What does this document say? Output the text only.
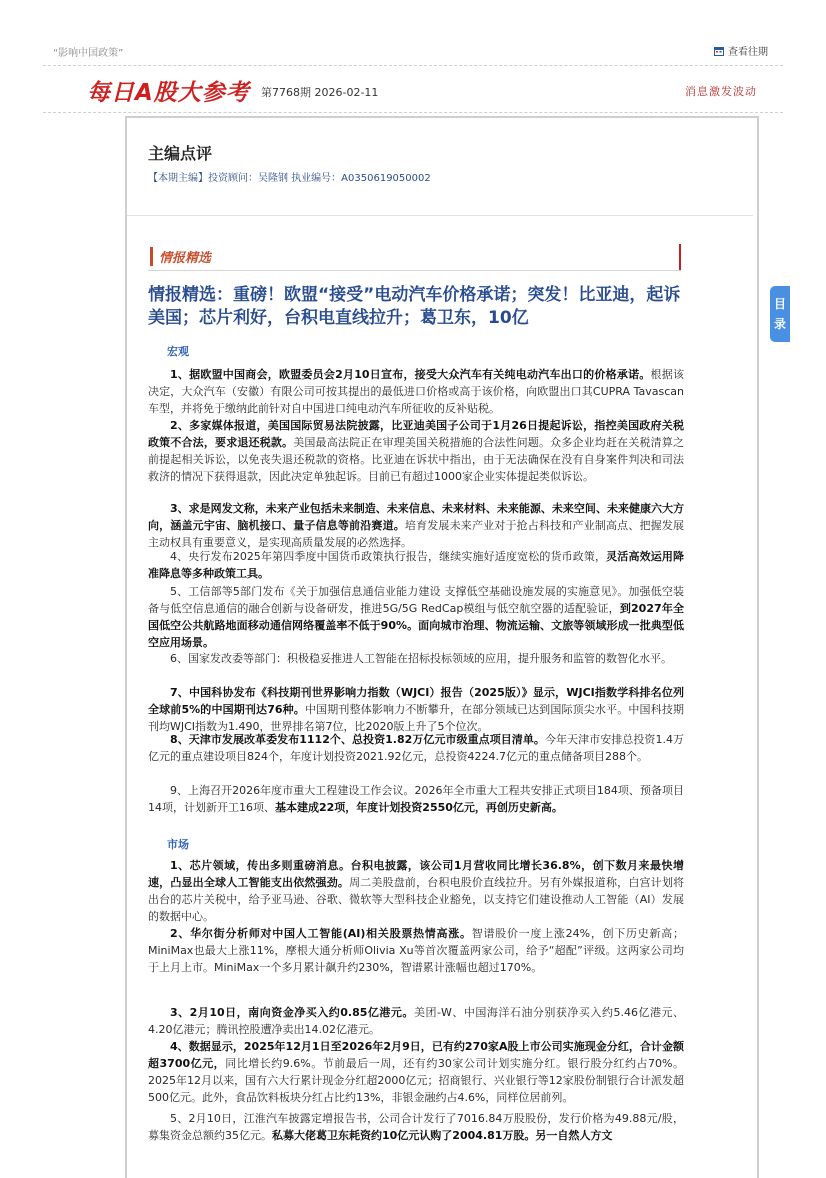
“影响中国政策”	查看往期
每日A股大参考 第7768期 2026-02-11	消息激发波动
主编点评
【本期主编】投资顾问：吴隆钢 执业编号：A0350619050002
情报精选
情报精选：重磅！欧盟“接受”电动汽车价格承诺；突发！比亚迪，起诉美国；芯片利好，台积电直线拉升；葛卫东，10亿
目
录
宏观
1、据欧盟中国商会，欧盟委员会2月10日宣布，接受大众汽车有关纯电动汽车出口的价格承诺。根据该决定，大众汽车（安徽）有限公司可按其提出的最低进口价格或高于该价格，向欧盟出口其CUPRA Tavascan车型，并将免于缴纳此前针对自中国进口纯电动汽车所征收的反补贴税。
2、多家媒体报道，美国国际贸易法院披露，比亚迪美国子公司于1月26日提起诉讼，指控美国政府关税政策不合法，要求退还税款。美国最高法院正在审理美国关税措施的合法性问题。众多企业均赶在关税清算之前提起相关诉讼，以免丧失退还税款的资格。比亚迪在诉状中指出，由于无法确保在没有自身案件判决和司法救济的情况下获得退款，因此决定单独起诉。目前已有超过1000家企业实体提起类似诉讼。
3、求是网发文称，未来产业包括未来制造、未来信息、未来材料、未来能源、未来空间、未来健康六大方向，涵盖元宇宙、脑机接口、量子信息等前沿赛道。培育发展未来产业对于抢占科技和产业制高点、把握发展主动权具有重要意义，是实现高质量发展的必然选择。
4、央行发布2025年第四季度中国货币政策执行报告，继续实施好适度宽松的货币政策，灵活高效运用降准降息等多种政策工具。
5、工信部等5部门发布《关于加强信息通信业能力建设 支撑低空基础设施发展的实施意见》。加强低空装备与低空信息通信的融合创新与设备研发，推进5G/5G RedCap模组与低空航空器的适配验证，到2027年全国低空公共航路地面移动通信网络覆盖率不低于90%。面向城市治理、物流运输、文旅等领域形成一批典型低空应用场景。
6、国家发改委等部门：积极稳妥推进人工智能在招标投标领域的应用，提升服务和监管的数智化水平。
7、中国科协发布《科技期刊世界影响力指数（WJCI）报告（2025版）》显示，WJCI指数学科排名位列全球前5%的中国期刊达76种。中国期刊整体影响力不断攀升，在部分领域已达到国际顶尖水平。中国科技期刊均WJCI指数为1.490，世界排名第7位，比2020版上升了5个位次。
8、天津市发展改革委发布1112个、总投资1.82万亿元市级重点项目清单。今年天津市安排总投资1.4万亿元的重点建设项目824个，年度计划投资2021.92亿元，总投资4224.7亿元的重点储备项目288个。
9、上海召开2026年度市重大工程建设工作会议。2026年全市重大工程共安排正式项目184项、预备项目14项，计划新开工16项、基本建成22项，年度计划投资2550亿元，再创历史新高。
市场
1、芯片领域，传出多则重磅消息。台积电披露，该公司1月营收同比增长36.8%，创下数月来最快增速，凸显出全球人工智能支出依然强劲。周二美股盘前，台积电股价直线拉升。另有外媒报道称，白宫计划将出台的芯片关税中，给予亚马逊、谷歌、微软等大型科技企业豁免，以支持它们建设推动人工智能（AI）发展的数据中心。
2、华尔街分析师对中国人工智能(AI)相关股票热情高涨。智谱股价一度上涨24%，创下历史新高；MiniMax也最大上涨11%，摩根大通分析师Olivia Xu等首次覆盖两家公司，给予“超配”评级。这两家公司均于上月上市。MiniMax一个多月累计飙升约230%，智谱累计涨幅也超过170%。
3、2月10日，南向资金净买入约0.85亿港元。美团-W、中国海洋石油分别获净买入约5.46亿港元、4.20亿港元；腾讯控股遭净卖出14.02亿港元。
4、数据显示，2025年12月1日至2026年2月9日，已有约270家A股上市公司实施现金分红，合计金额超3700亿元，同比增长约9.6%。节前最后一周，还有约30家公司计划实施分红。银行股分红约占70%。2025年12月以来，国有六大行累计现金分红超2000亿元；招商银行、兴业银行等12家股份制银行合计派发超500亿元。此外，食品饮料板块分红占比约13%，非银金融约占4.6%，同样位居前列。
5、2月10日，江淮汽车披露定增报告书，公司合计发行了7016.84万股股份，发行价格为49.88元/股，募集资金总额约35亿元。私募大佬葛卫东耗资约10亿元认购了2004.81万股。另一自然人方文
